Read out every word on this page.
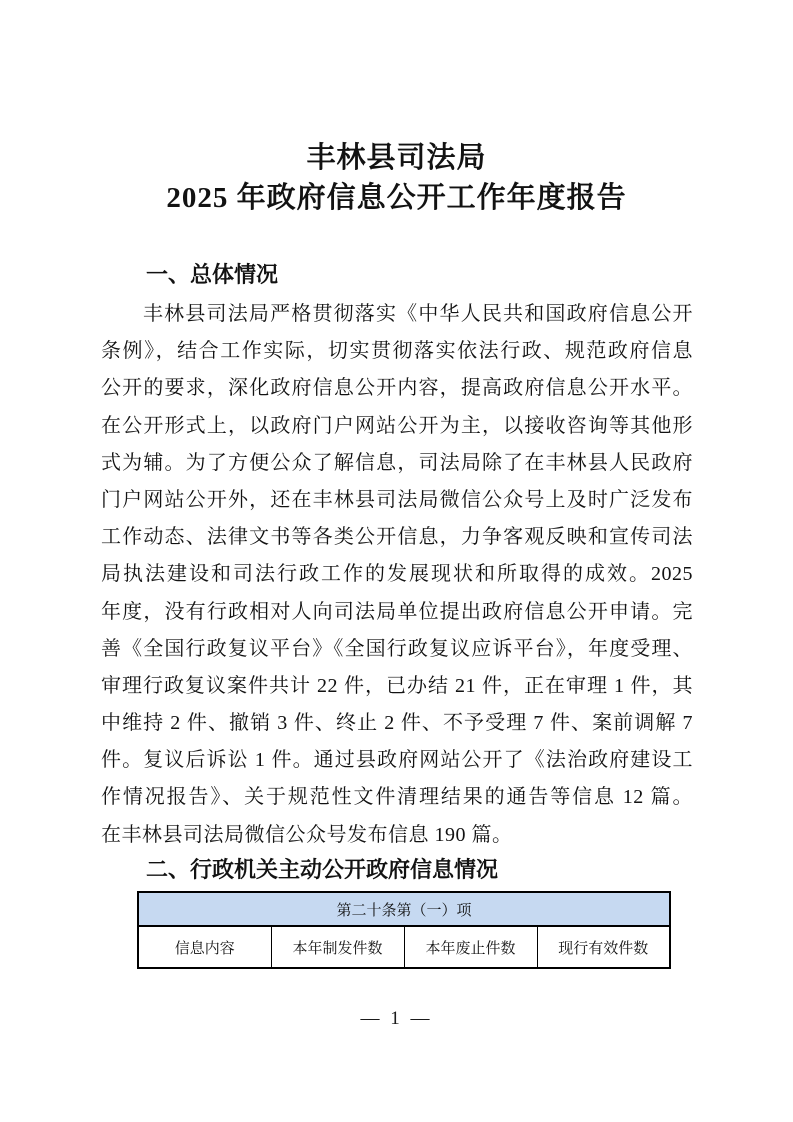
丰林县司法局
2025 年政府信息公开工作年度报告
一、总体情况
丰林县司法局严格贯彻落实《中华人民共和国政府信息公开
条例》，结合工作实际，切实贯彻落实依法行政、规范政府信息
公开的要求，深化政府信息公开内容，提高政府信息公开水平。
在公开形式上，以政府门户网站公开为主，以接收咨询等其他形
式为辅。为了方便公众了解信息，司法局除了在丰林县人民政府
门户网站公开外，还在丰林县司法局微信公众号上及时广泛发布
工作动态、法律文书等各类公开信息，力争客观反映和宣传司法
局执法建设和司法行政工作的发展现状和所取得的成效。2025
年度，没有行政相对人向司法局单位提出政府信息公开申请。完
善《全国行政复议平台》《全国行政复议应诉平台》，年度受理、
审理行政复议案件共计 22 件，已办结 21 件，正在审理 1 件，其
中维持 2 件、撤销 3 件、终止 2 件、不予受理 7 件、案前调解 7
件。复议后诉讼 1 件。通过县政府网站公开了《法治政府建设工
作情况报告》、关于规范性文件清理结果的通告等信息 12 篇。
在丰林县司法局微信公众号发布信息 190 篇。
二、行政机关主动公开政府信息情况
第二十条第（一）项
信息内容	本年制发件数	本年废止件数	现行有效件数
— 1 —
